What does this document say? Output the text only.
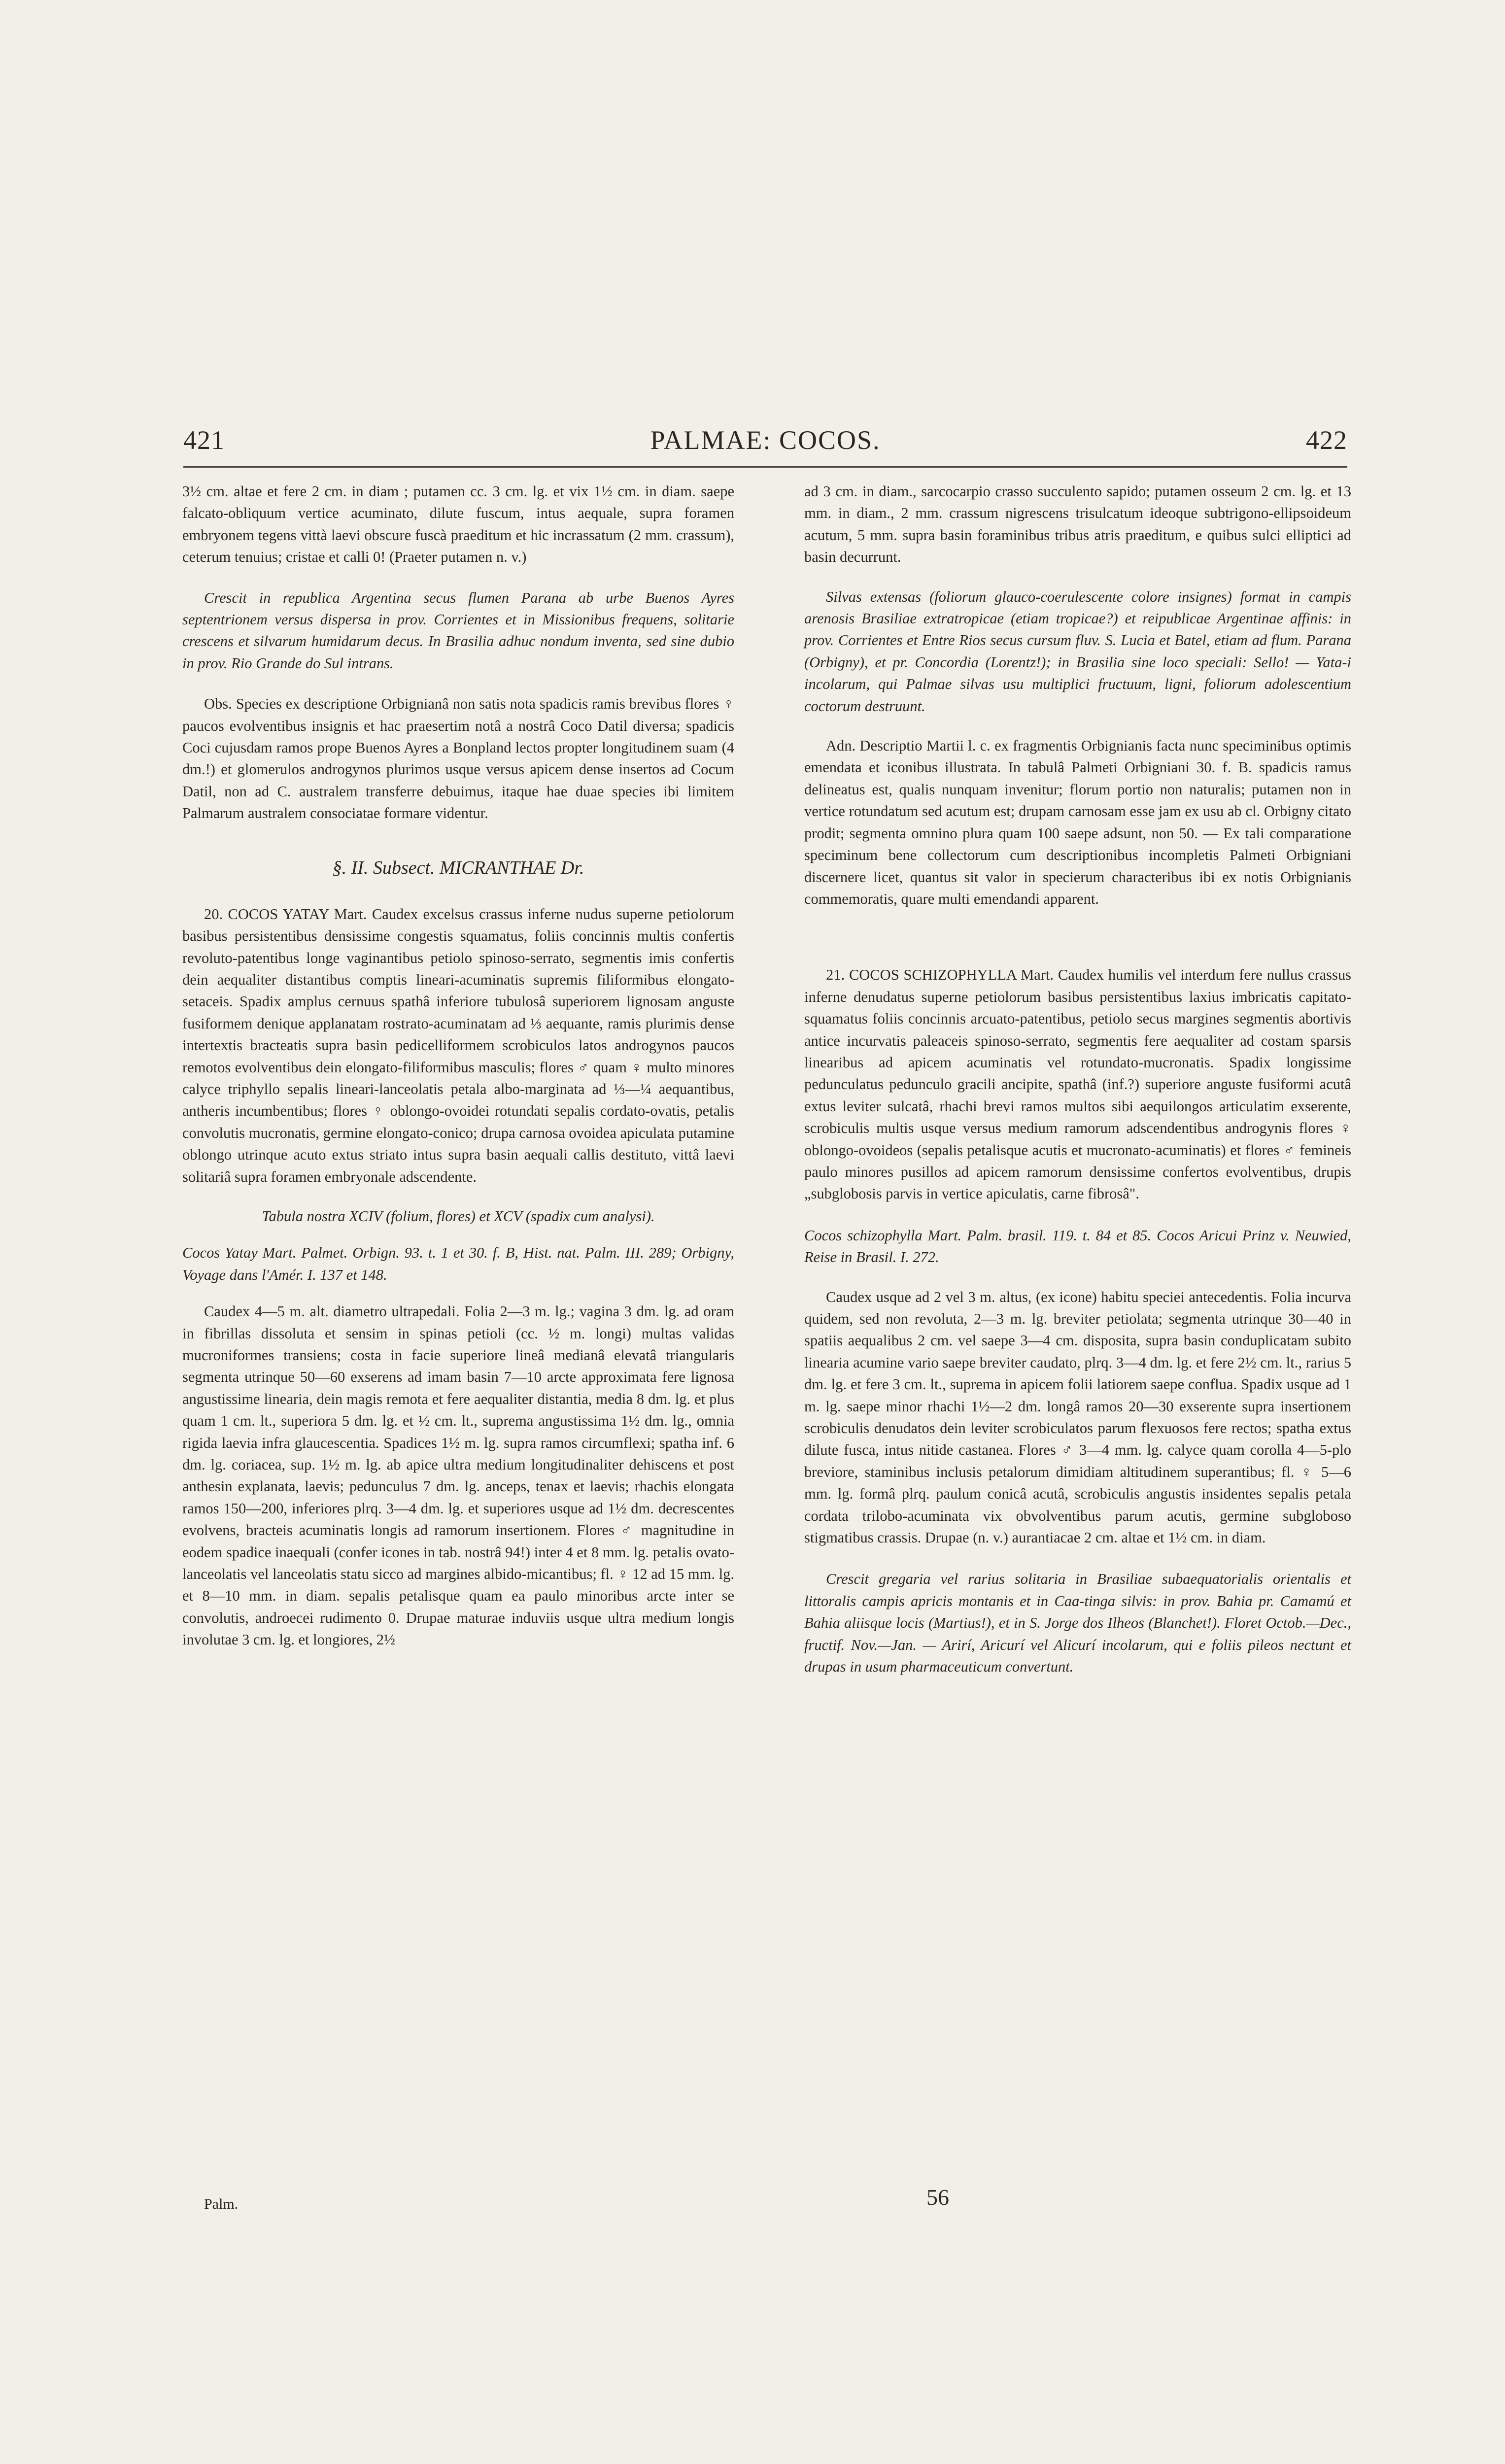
421	PALMAE: COCOS.	422

3½ cm. altae et fere 2 cm. in diam ; putamen cc. 3 cm. lg. et vix 1½ cm. in diam. saepe falcato-obliquum vertice acuminato, dilute fuscum, intus aequale, supra foramen embryonem tegens vittà laevi obscure fuscà praeditum et hic incrassatum (2 mm. crassum), ceterum tenuius; cristae et calli 0! (Praeter putamen n. v.)

Crescit in republica Argentina secus flumen Parana ab urbe Buenos Ayres septentrionem versus dispersa in prov. Corrientes et in Missionibus frequens, solitarie crescens et silvarum humidarum decus. In Brasilia adhuc nondum inventa, sed sine dubio in prov. Rio Grande do Sul intrans.

Obs. Species ex descriptione Orbignianâ non satis nota spadicis ramis brevibus flores ♀ paucos evolventibus insignis et hac praesertim notâ a nostrâ Coco Datil diversa; spadicis Coci cujusdam ramos prope Buenos Ayres a Bonpland lectos propter longitudinem suam (4 dm.!) et glomerulos androgynos plurimos usque versus apicem dense insertos ad Cocum Datil, non ad C. australem transferre debuimus, itaque hae duae species ibi limitem Palmarum australem consociatae formare videntur.

§. II. Subsect. MICRANTHAE Dr.

20. COCOS YATAY Mart. Caudex excelsus crassus inferne nudus superne petiolorum basibus persistentibus densissime congestis squamatus, foliis concinnis multis confertis revoluto-patentibus longe vaginantibus petiolo spinoso-serrato, segmentis imis confertis dein aequaliter distantibus comptis lineari-acuminatis supremis filiformibus elongato-setaceis. Spadix amplus cernuus spathâ inferiore tubulosâ superiorem lignosam anguste fusiformem denique applanatam rostrato-acuminatam ad ⅓ aequante, ramis plurimis dense intertextis bracteatis supra basin pedicelliformem scrobiculos latos androgynos paucos remotos evolventibus dein elongato-filiformibus masculis; flores ♂ quam ♀ multo minores calyce triphyllo sepalis lineari-lanceolatis petala albo-marginata ad ⅓—¼ aequantibus, antheris incumbentibus; flores ♀ oblongo-ovoidei rotundati sepalis cordato-ovatis, petalis convolutis mucronatis, germine elongato-conico; drupa carnosa ovoidea apiculata putamine oblongo utrinque acuto extus striato intus supra basin aequali callis destituto, vittâ laevi solitariâ supra foramen embryonale adscendente.

Tabula nostra XCIV (folium, flores) et XCV (spadix cum analysi).

Cocos Yatay Mart. Palmet. Orbign. 93. t. 1 et 30. f. B, Hist. nat. Palm. III. 289; Orbigny, Voyage dans l'Amér. I. 137 et 148.

Caudex 4—5 m. alt. diametro ultrapedali. Folia 2—3 m. lg.; vagina 3 dm. lg. ad oram in fibrillas dissoluta et sensim in spinas petioli (cc. ½ m. longi) multas validas mucroniformes transiens; costa in facie superiore lineâ medianâ elevatâ triangularis segmenta utrinque 50—60 exserens ad imam basin 7—10 arcte approximata fere lignosa angustissime linearia, dein magis remota et fere aequaliter distantia, media 8 dm. lg. et plus quam 1 cm. lt., superiora 5 dm. lg. et ½ cm. lt., suprema angustissima 1½ dm. lg., omnia rigida laevia infra glaucescentia. Spadices 1½ m. lg. supra ramos circumflexi; spatha inf. 6 dm. lg. coriacea, sup. 1½ m. lg. ab apice ultra medium longitudinaliter dehiscens et post anthesin explanata, laevis; pedunculus 7 dm. lg. anceps, tenax et laevis; rhachis elongata ramos 150—200, inferiores plrq. 3—4 dm. lg. et superiores usque ad 1½ dm. decrescentes evolvens, bracteis acuminatis longis ad ramorum insertionem. Flores ♂ magnitudine in eodem spadice inaequali (confer icones in tab. nostrâ 94!) inter 4 et 8 mm. lg. petalis ovato-lanceolatis vel lanceolatis statu sicco ad margines albido-micantibus; fl. ♀ 12 ad 15 mm. lg. et 8—10 mm. in diam. sepalis petalisque quam ea paulo minoribus arcte inter se convolutis, androecei rudimento 0. Drupae maturae induviis usque ultra medium longis involutae 3 cm. lg. et longiores, 2½

ad 3 cm. in diam., sarcocarpio crasso succulento sapido; putamen osseum 2 cm. lg. et 13 mm. in diam., 2 mm. crassum nigrescens trisulcatum ideoque subtrigono-ellipsoideum acutum, 5 mm. supra basin foraminibus tribus atris praeditum, e quibus sulci elliptici ad basin decurrunt.

Silvas extensas (foliorum glauco-coerulescente colore insignes) format in campis arenosis Brasiliae extratropicae (etiam tropicae?) et reipublicae Argentinae affinis: in prov. Corrientes et Entre Rios secus cursum fluv. S. Lucia et Batel, etiam ad flum. Parana (Orbigny), et pr. Concordia (Lorentz!); in Brasilia sine loco speciali: Sello! — Yata-i incolarum, qui Palmae silvas usu multiplici fructuum, ligni, foliorum adolescentium coctorum destruunt.

Adn. Descriptio Martii l. c. ex fragmentis Orbignianis facta nunc speciminibus optimis emendata et iconibus illustrata. In tabulâ Palmeti Orbigniani 30. f. B. spadicis ramus delineatus est, qualis nunquam invenitur; florum portio non naturalis; putamen non in vertice rotundatum sed acutum est; drupam carnosam esse jam ex usu ab cl. Orbigny citato prodit; segmenta omnino plura quam 100 saepe adsunt, non 50. — Ex tali comparatione speciminum bene collectorum cum descriptionibus incompletis Palmeti Orbigniani discernere licet, quantus sit valor in specierum characteribus ibi ex notis Orbignianis commemoratis, quare multi emendandi apparent.

21. COCOS SCHIZOPHYLLA Mart. Caudex humilis vel interdum fere nullus crassus inferne denudatus superne petiolorum basibus persistentibus laxius imbricatis capitato-squamatus foliis concinnis arcuato-patentibus, petiolo secus margines segmentis abortivis antice incurvatis paleaceis spinoso-serrato, segmentis fere aequaliter ad costam sparsis linearibus ad apicem acuminatis vel rotundato-mucronatis. Spadix longissime pedunculatus pedunculo gracili ancipite, spathâ (inf.?) superiore anguste fusiformi acutâ extus leviter sulcatâ, rhachi brevi ramos multos sibi aequilongos articulatim exserente, scrobiculis multis usque versus medium ramorum adscendentibus androgynis flores ♀ oblongo-ovoideos (sepalis petalisque acutis et mucronato-acuminatis) et flores ♂ femineis paulo minores pusillos ad apicem ramorum densissime confertos evolventibus, drupis „subglobosis parvis in vertice apiculatis, carne fibrosâ".

Cocos schizophylla Mart. Palm. brasil. 119. t. 84 et 85. Cocos Aricui Prinz v. Neuwied, Reise in Brasil. I. 272.

Caudex usque ad 2 vel 3 m. altus, (ex icone) habitu speciei antecedentis. Folia incurva quidem, sed non revoluta, 2—3 m. lg. breviter petiolata; segmenta utrinque 30—40 in spatiis aequalibus 2 cm. vel saepe 3—4 cm. disposita, supra basin conduplicatam subito linearia acumine vario saepe breviter caudato, plrq. 3—4 dm. lg. et fere 2½ cm. lt., rarius 5 dm. lg. et fere 3 cm. lt., suprema in apicem folii latiorem saepe confluа. Spadix usque ad 1 m. lg. saepe minor rhachi 1½—2 dm. longâ ramos 20—30 exserente supra insertionem scrobiculis denudatos dein leviter scrobiculatos parum flexuosos fere rectos; spatha extus dilute fusca, intus nitide castanea. Flores ♂ 3—4 mm. lg. calyce quam corolla 4—5-plo breviore, staminibus inclusis petalorum dimidiam altitudinem superantibus; fl. ♀ 5—6 mm. lg. formâ plrq. paulum conicâ acutâ, scrobiculis angustis insidentes sepalis petala cordata trilobo-acuminata vix obvolventibus parum acutis, germine subgloboso stigmatibus crassis. Drupae (n. v.) aurantiacae 2 cm. altae et 1½ cm. in diam.

Crescit gregaria vel rarius solitaria in Brasiliae subaequatorialis orientalis et littoralis campis apricis montanis et in Caa-tinga silvis: in prov. Bahia pr. Camamú et Bahia aliisque locis (Martius!), et in S. Jorge dos Ilheos (Blanchet!). Floret Octob.—Dec., fructif. Nov.—Jan. — Arirí, Aricurí vel Alicurí incolarum, qui e foliis pileos nectunt et drupas in usum pharmaceuticum convertunt.

Palm.	56
